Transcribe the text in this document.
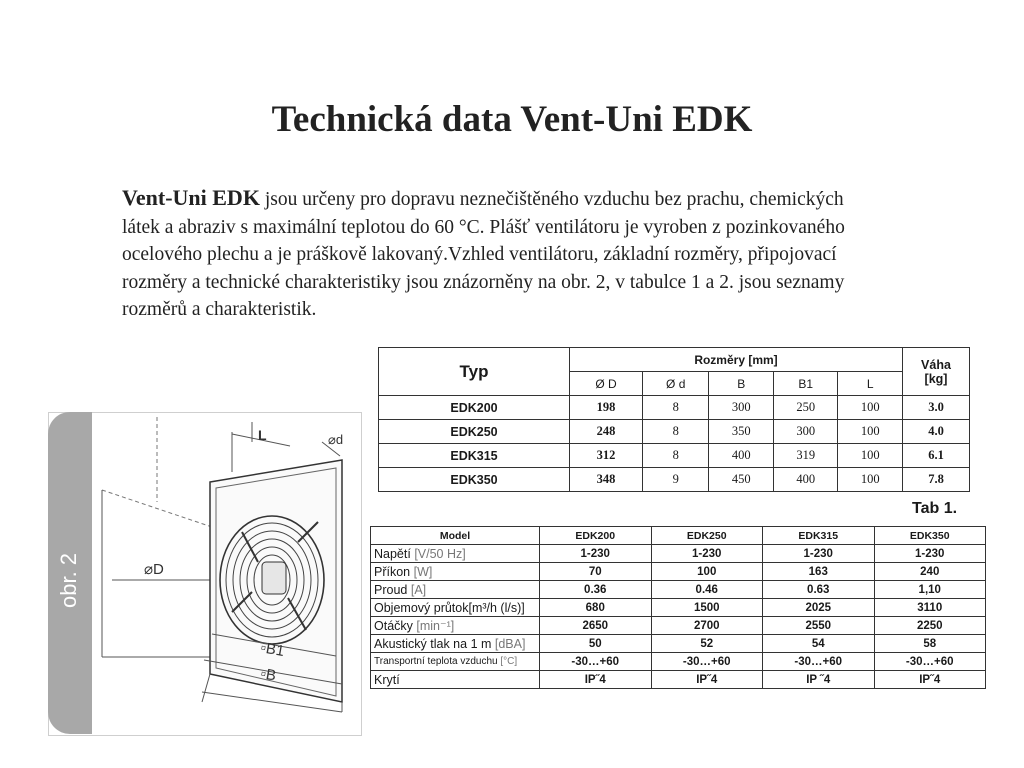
Technická data Vent-Uni EDK
Vent-Uni EDK jsou určeny pro dopravu neznečištěného vzduchu bez prachu, chemických látek a abraziv s maximální teplotou do 60 °C. Plášť ventilátoru je vyroben z pozinkovaného ocelového plechu a je práškově lakovaný.Vzhled ventilátoru, základní rozměry, připojovací rozměry a technické charakteristiky jsou znázorněny na obr. 2, v tabulce 1 a 2. jsou seznamy rozměrů a charakteristik.
obr. 2
L	⌀d
⌀D
▫B1
▫B
Typ	Rozměry [mm]					Váha
[kg]
	Ø D	Ø d	B	B1	L	
EDK200	198	8	300	250	100	3.0
EDK250	248	8	350	300	100	4.0
EDK315	312	8	400	319	100	6.1
EDK350	348	9	450	400	100	7.8
Tab 1.
Model	EDK200	EDK250	EDK315	EDK350
Napětí [V/50 Hz]	1-230	1-230	1-230	1-230
Příkon [W]	70	100	163	240
Proud [A]	0.36	0.46	0.63	1,10
Objemový průtok[m³/h (l/s)]	680	1500	2025	3110
Otáčky [min⁻¹]	2650	2700	2550	2250
Akustický tlak na 1 m [dBA]	50	52	54	58
Transportní teplota vzduchu [°C]	-30…+60	-30…+60	-30…+60	-30…+60
Krytí	IP˝4	IP˝4	IP ˝4	IP˝4
